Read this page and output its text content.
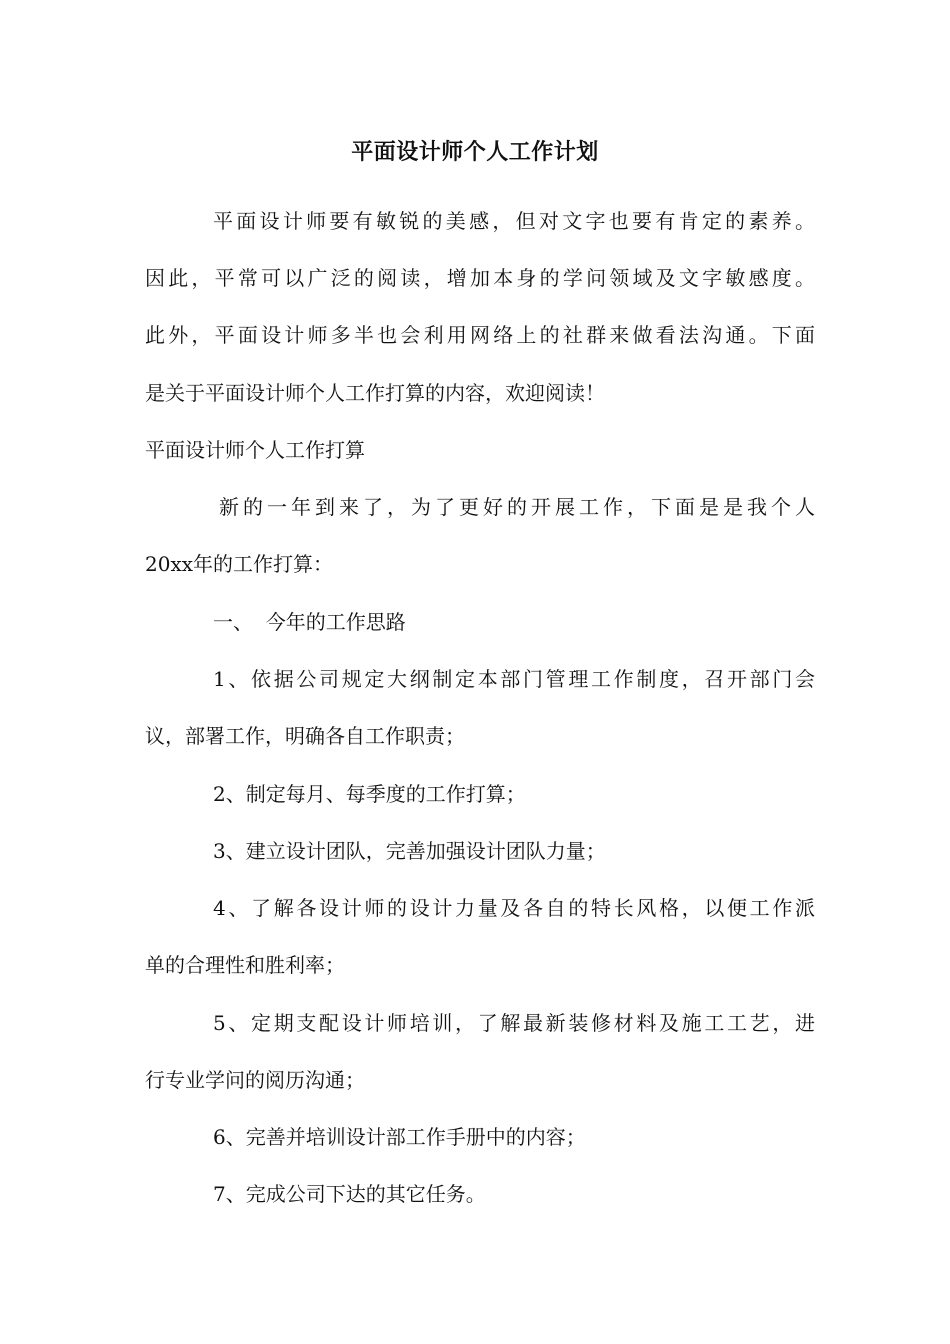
平面设计师个人工作计划
平面设计师要有敏锐的美感，但对文字也要有肯定的素养。
因此，平常可以广泛的阅读，增加本身的学问领域及文字敏感度。
此外，平面设计师多半也会利用网络上的社群来做看法沟通。下面
是关于平面设计师个人工作打算的内容，欢迎阅读！
平面设计师个人工作打算
新的一年到来了，为了更好的开展工作，下面是是我个人
20xx年的工作打算：
一、  今年的工作思路
1、依据公司规定大纲制定本部门管理工作制度，召开部门会
议，部署工作，明确各自工作职责；
2、制定每月、每季度的工作打算；
3、建立设计团队，完善加强设计团队力量；
4、了解各设计师的设计力量及各自的特长风格，以便工作派
单的合理性和胜利率；
5、定期支配设计师培训，了解最新装修材料及施工工艺，进
行专业学问的阅历沟通；
6、完善并培训设计部工作手册中的内容；
7、完成公司下达的其它任务。
